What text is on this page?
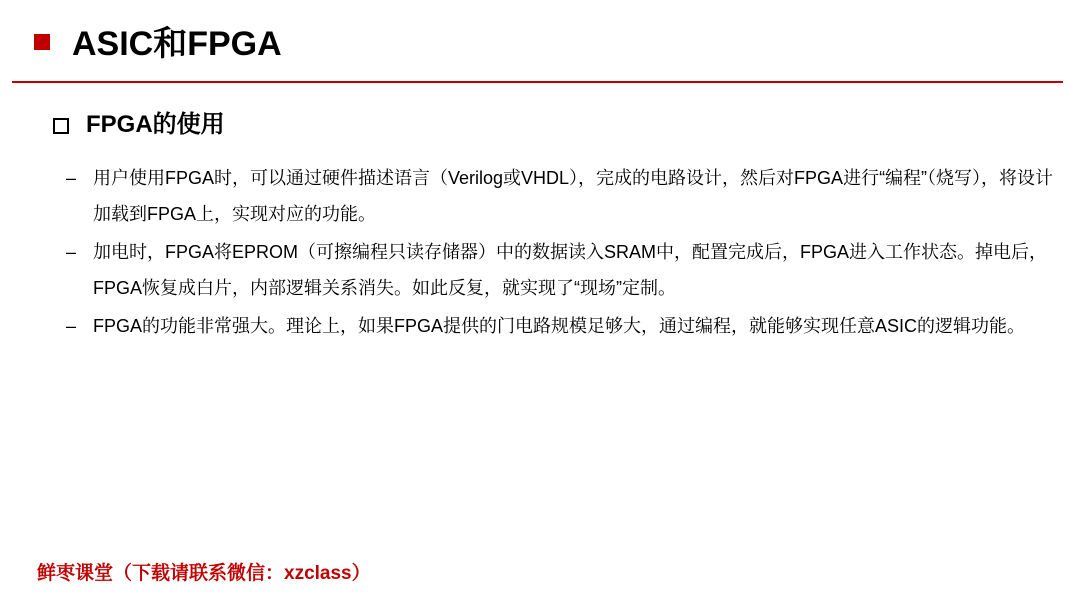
ASIC和FPGA
FPGA的使用
– 用户使用FPGA时，可以通过硬件描述语言（Verilog或VHDL），完成的电路设计，然后对FPGA进行“编程”（烧写），将设计加载到FPGA上，实现对应的功能。
– 加电时，FPGA将EPROM（可擦编程只读存储器）中的数据读入SRAM中，配置完成后，FPGA进入工作状态。掉电后，FPGA恢复成白片，内部逻辑关系消失。如此反复，就实现了“现场”定制。
– FPGA的功能非常强大。理论上，如果FPGA提供的门电路规模足够大，通过编程，就能够实现任意ASIC的逻辑功能。
鲜枣课堂（下载请联系微信：xzclass）
